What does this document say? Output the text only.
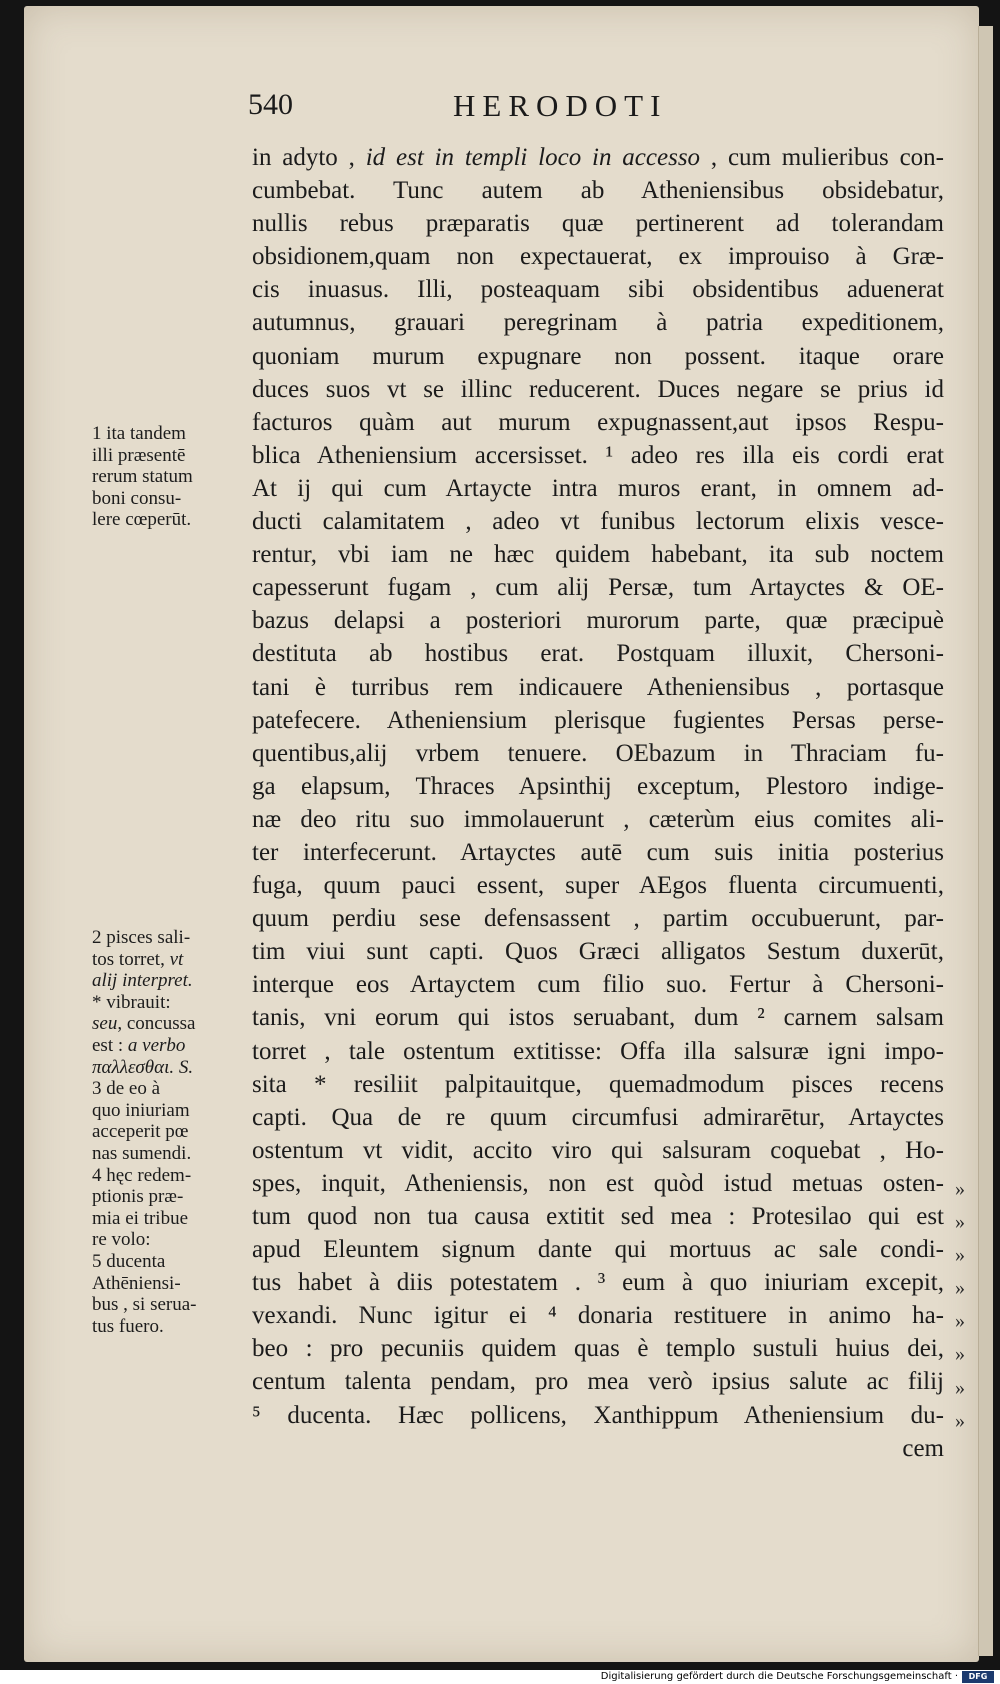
540	HERODOTI
in adyto , id est in templi loco in accesso , cum mulieribus con-
cumbebat. Tunc autem ab Atheniensibus obsidebatur,
nullis rebus præparatis quæ pertinerent ad tolerandam
obsidionem,quam non expectauerat, ex improuiso à Græ-
cis inuasus. Illi, posteaquam sibi obsidentibus aduenerat
autumnus, grauari peregrinam à patria expeditionem,
quoniam murum expugnare non possent. itaque orare
duces suos vt se illinc reducerent. Duces negare se prius id
facturos quàm aut murum expugnassent,aut ipsos Respu-
blica Atheniensium accersisset. ¹ adeo res illa eis cordi erat
At ij qui cum Artaycte intra muros erant, in omnem ad-
ducti calamitatem , adeo vt funibus lectorum elixis vesce-
rentur, vbi iam ne hæc quidem habebant, ita sub noctem
capesserunt fugam , cum alij Persæ, tum Artayctes & OE-
bazus delapsi a posteriori murorum parte, quæ præcipuè
destituta ab hostibus erat. Postquam illuxit, Chersoni-
tani è turribus rem indicauere Atheniensibus , portasque
patefecere. Atheniensium plerisque fugientes Persas perse-
quentibus,alij vrbem tenuere. OEbazum in Thraciam fu-
ga elapsum, Thraces Apsinthij exceptum, Plestoro indige-
næ deo ritu suo immolauerunt , cæterùm eius comites ali-
ter interfecerunt. Artayctes autē cum suis initia posterius
fuga, quum pauci essent, super AEgos fluenta circumuenti,
quum perdiu sese defensassent , partim occubuerunt, par-
tim viui sunt capti. Quos Græci alligatos Sestum duxerūt,
interque eos Artayctem cum filio suo. Fertur à Chersoni-
tanis, vni eorum qui istos seruabant, dum ² carnem salsam
torret , tale ostentum extitisse: Offa illa salsuræ igni impo-
sita * resiliit palpitauitque, quemadmodum pisces recens
capti. Qua de re quum circumfusi admirarētur, Artayctes
ostentum vt vidit, accito viro qui salsuram coquebat , Ho-
spes, inquit, Atheniensis, non est quòd istud metuas osten-
tum quod non tua causa extitit sed mea : Protesilao qui est
apud Eleuntem signum dante qui mortuus ac sale condi-
tus habet à diis potestatem . ³ eum à quo iniuriam excepit,
vexandi. Nunc igitur ei ⁴ donaria restituere in animo ha-
beo : pro pecuniis quidem quas è templo sustuli huius dei,
centum talenta pendam, pro mea verò ipsius salute ac filij
⁵ ducenta. Hæc pollicens, Xanthippum Atheniensium du-
cem
1 ita tandem
illi præsentē
rerum statum
boni consu-
lere cœperūt.
2 pisces sali-
tos torret, vt
alij interpret.
* vibrauit:
seu, concussa
est : a verbo
παλλεσθαι. S.
3 de eo à
quo iniuriam
acceperit pœ
nas sumendi.
4 hęc redem-
ptionis præ-
mia ei tribue
re volo:
5 ducenta
Athēniensi-
bus , si serua-
tus fuero.
»
»
»
»
»
»
»
»
Digitalisierung gefördert durch die Deutsche Forschungsgemeinschaft ·	DFG
